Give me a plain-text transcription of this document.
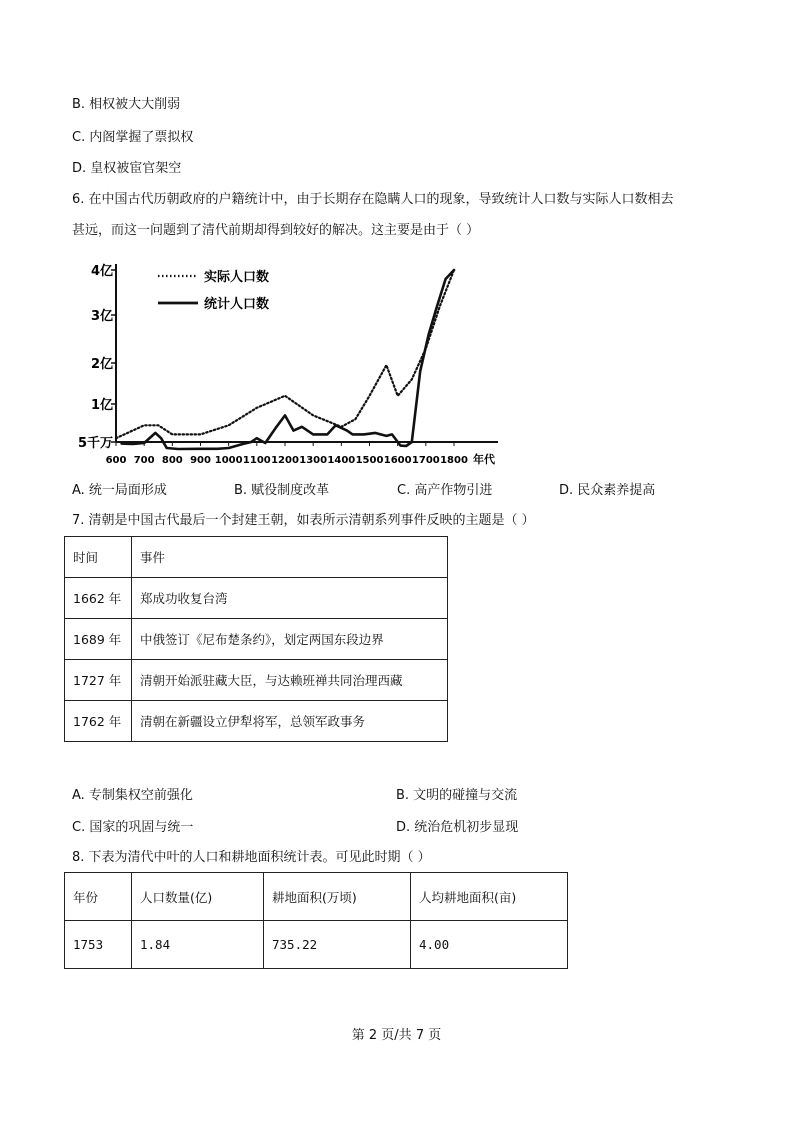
B. 相权被大大削弱
C. 内阁掌握了票拟权
D. 皇权被宦官架空
6. 在中国古代历朝政府的户籍统计中，由于长期存在隐瞒人口的现象，导致统计人口数与实际人口数相去
甚远，而这一问题到了清代前期却得到较好的解决。这主要是由于（ ）
5千万
1亿
2亿
3亿
4亿
600 700 800 900 1000 1100 1200 1300 1400 1500 1600 1700 1800 年代
实际人口数
统计人口数
A. 统一局面形成	B. 赋役制度改革	C. 高产作物引进	D. 民众素养提高
7. 清朝是中国古代最后一个封建王朝，如表所示清朝系列事件反映的主题是（ ）
时间	事件
1662 年	郑成功收复台湾
1689 年	中俄签订《尼布楚条约》，划定两国东段边界
1727 年	清朝开始派驻藏大臣，与达赖班禅共同治理西藏
1762 年	清朝在新疆设立伊犁将军，总领军政事务
A. 专制集权空前强化	B. 文明的碰撞与交流
C. 国家的巩固与统一	D. 统治危机初步显现
8. 下表为清代中叶的人口和耕地面积统计表。可见此时期（ ）
年份	人口数量(亿)	耕地面积(万顷)	人均耕地面积(亩)
1753	1.84	735.22	4.00
第 2 页/共 7 页
